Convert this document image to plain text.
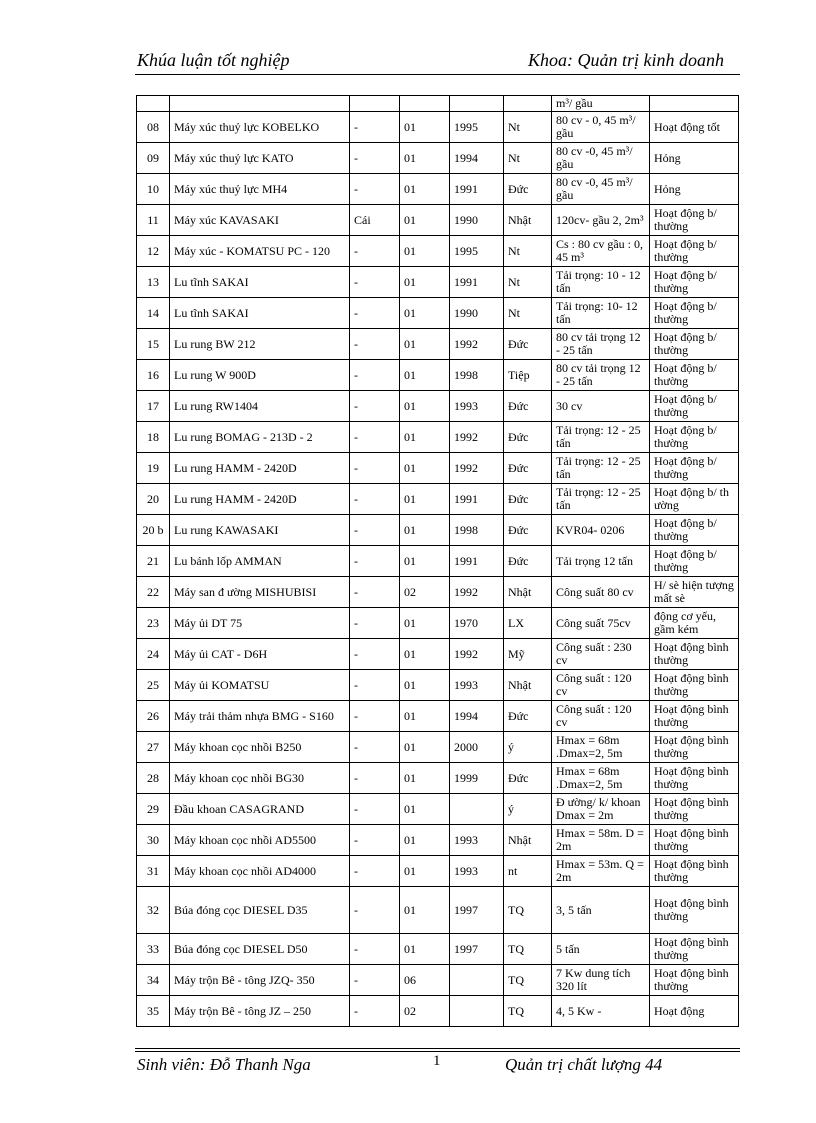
Khúa luận tốt nghiệp	Khoa: Quản trị kinh doanh
						m³/ gầu	
08	Máy xúc thuỷ lực KOBELKO	-	01	1995	Nt	80 cv - 0, 45 m³/ gầu	Hoạt động tốt
09	Máy xúc thuỷ lực KATO	-	01	1994	Nt	80 cv -0, 45 m³/ gầu	Hỏng
10	Máy xúc thuỷ lực MH4	-	01	1991	Đức	80 cv -0, 45 m³/ gầu	Hỏng
11	Máy xúc KAVASAKI	Cái	01	1990	Nhật	120cv- gầu 2, 2m³	Hoạt động b/ thường
12	Máy xúc - KOMATSU PC - 120	-	01	1995	Nt	Cs : 80 cv gầu : 0, 45 m³	Hoạt động b/ thường
13	Lu tĩnh SAKAI	-	01	1991	Nt	Tải trọng: 10 - 12 tấn	Hoạt động b/ thường
14	Lu tĩnh SAKAI	-	01	1990	Nt	Tải trọng: 10- 12 tấn	Hoạt động b/ thường
15	Lu rung BW 212	-	01	1992	Đức	80 cv tải trọng 12 - 25 tấn	Hoạt động b/ thường
16	Lu rung W 900D	-	01	1998	Tiệp	80 cv tải trọng 12 - 25 tấn	Hoạt động b/ thường
17	Lu rung RW1404	-	01	1993	Đức	30 cv	Hoạt động b/ thường
18	Lu rung BOMAG - 213D - 2	-	01	1992	Đức	Tải trọng: 12 - 25 tấn	Hoạt động b/ thường
19	Lu rung HAMM - 2420D	-	01	1992	Đức	Tải trọng: 12 - 25 tấn	Hoạt động b/ thường
20	Lu rung HAMM - 2420D	-	01	1991	Đức	Tải trọng: 12 - 25 tấn	Hoạt động b/ th ường
20 b	Lu rung KAWASAKI	-	01	1998	Đức	KVR04- 0206	Hoạt động b/ thường
21	Lu bánh lốp AMMAN	-	01	1991	Đức	Tải trọng 12 tấn	Hoạt động b/ thường
22	Máy san đ ường MISHUBISI	-	02	1992	Nhật	Công suất 80 cv	H/ sè hiện tượng mất sè
23	Máy ủi DT 75	-	01	1970	LX	Công suất 75cv	động cơ yếu, gầm kém
24	Máy ủi CAT - D6H	-	01	1992	Mỹ	Công suất : 230 cv	Hoạt động bình thường
25	Máy ủi KOMATSU	-	01	1993	Nhật	Công suất : 120 cv	Hoạt động bình thường
26	Máy trải thảm nhựa BMG - S160	-	01	1994	Đức	Công suất : 120 cv	Hoạt động bình thường
27	Máy khoan cọc nhồi B250	-	01	2000	ý	Hmax = 68m .Dmax=2, 5m	Hoạt động bình thường
28	Máy khoan cọc nhồi BG30	-	01	1999	Đức	Hmax = 68m .Dmax=2, 5m	Hoạt động bình thường
29	Đầu khoan CASAGRAND	-	01		ý	Đ ường/ k/ khoan Dmax = 2m	Hoạt động bình thường
30	Máy khoan cọc nhồi AD5500	-	01	1993	Nhật	Hmax = 58m. D = 2m	Hoạt động bình thường
31	Máy khoan cọc nhồi AD4000	-	01	1993	nt	Hmax = 53m. Q = 2m	Hoạt động bình thường
32	Búa đóng cọc DIESEL D35	-	01	1997	TQ	3, 5 tấn	Hoạt động bình thường
33	Búa đóng cọc DIESEL D50	-	01	1997	TQ	5 tấn	Hoạt động bình thường
34	Máy trộn Bê - tông JZQ- 350	-	06		TQ	7 Kw dung tích 320 lít	Hoạt động bình thường
35	Máy trộn Bê - tông JZ – 250	-	02		TQ	4, 5 Kw -	Hoạt động
Sinh viên: Đỗ Thanh Nga	1	Quản trị chất lượng 44
